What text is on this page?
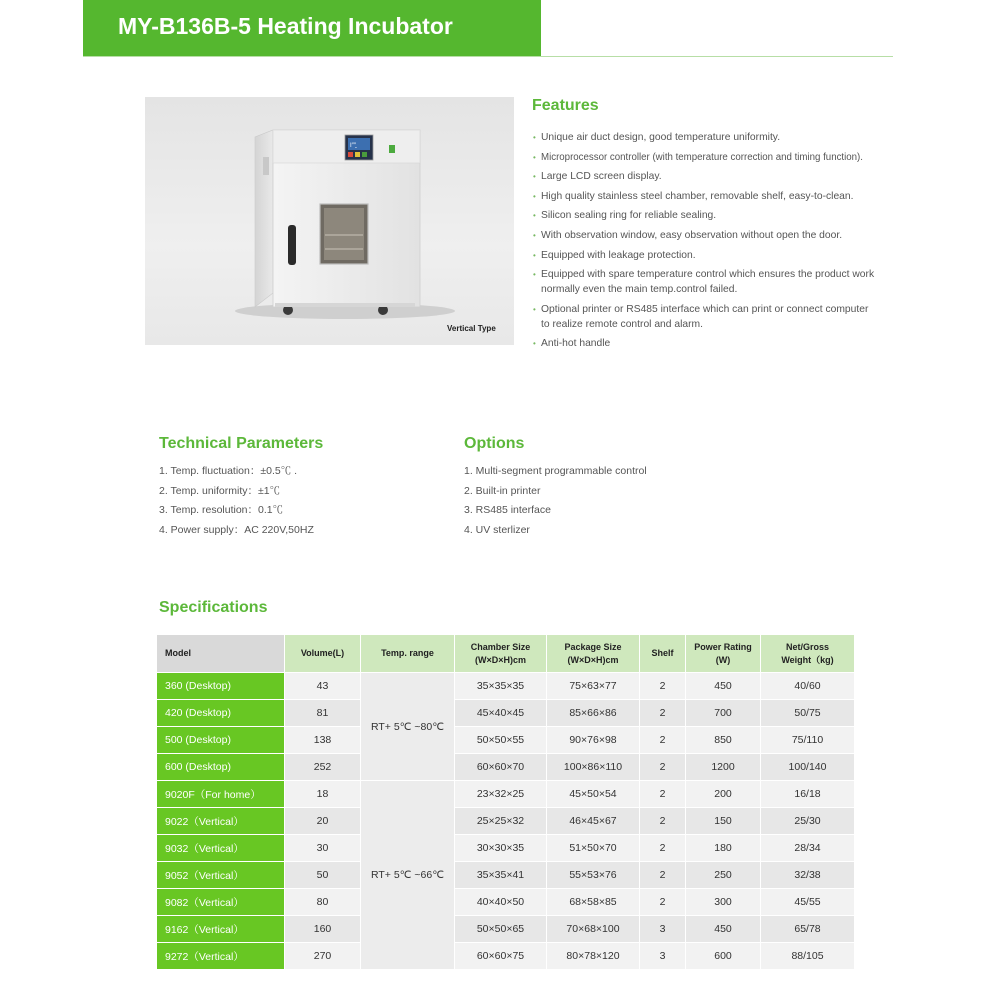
MY-B136B-5 Heating Incubator
I″″̱̱
Vertical Type
Features
• Unique air duct design, good temperature uniformity.
• Microprocessor controller (with temperature correction and timing function).
• Large LCD screen display.
• High quality stainless steel chamber, removable shelf, easy-to-clean.
• Silicon sealing ring for reliable sealing.
• With observation window, easy observation without open the door.
• Equipped with leakage protection.
• Equipped with spare temperature control which ensures the product work normally even the main temp.control failed.
• Optional printer or RS485 interface which can print or connect computer to realize remote control and alarm.
• Anti-hot handle
Technical Parameters
1. Temp. fluctuation：±0.5℃ .
2. Temp. uniformity：±1℃
3. Temp. resolution：0.1℃
4. Power supply：AC 220V,50HZ
Options
1. Multi-segment programmable control
2. Built-in printer
3. RS485 interface
4. UV sterlizer
Specifications
Model	Volume(L)	Temp. range	Chamber Size
(W×D×H)cm	Package Size
(W×D×H)cm	Shelf	Power Rating
(W)	Net/Gross
Weight（kg)
360 (Desktop)	43	RT+ 5℃ ~80℃	35×35×35	75×63×77	2	450	40/60
420 (Desktop)	81		45×40×45	85×66×86	2	700	50/75
500 (Desktop)	138		50×50×55	90×76×98	2	850	75/110
600 (Desktop)	252		60×60×70	100×86×110	2	1200	100/140
9020F（For home）	18	RT+ 5℃ ~66℃	23×32×25	45×50×54	2	200	16/18
9022（Vertical）	20		25×25×32	46×45×67	2	150	25/30
9032（Vertical）	30		30×30×35	51×50×70	2	180	28/34
9052（Vertical）	50		35×35×41	55×53×76	2	250	32/38
9082（Vertical）	80		40×40×50	68×58×85	2	300	45/55
9162（Vertical）	160		50×50×65	70×68×100	3	450	65/78
9272（Vertical）	270		60×60×75	80×78×120	3	600	88/105
